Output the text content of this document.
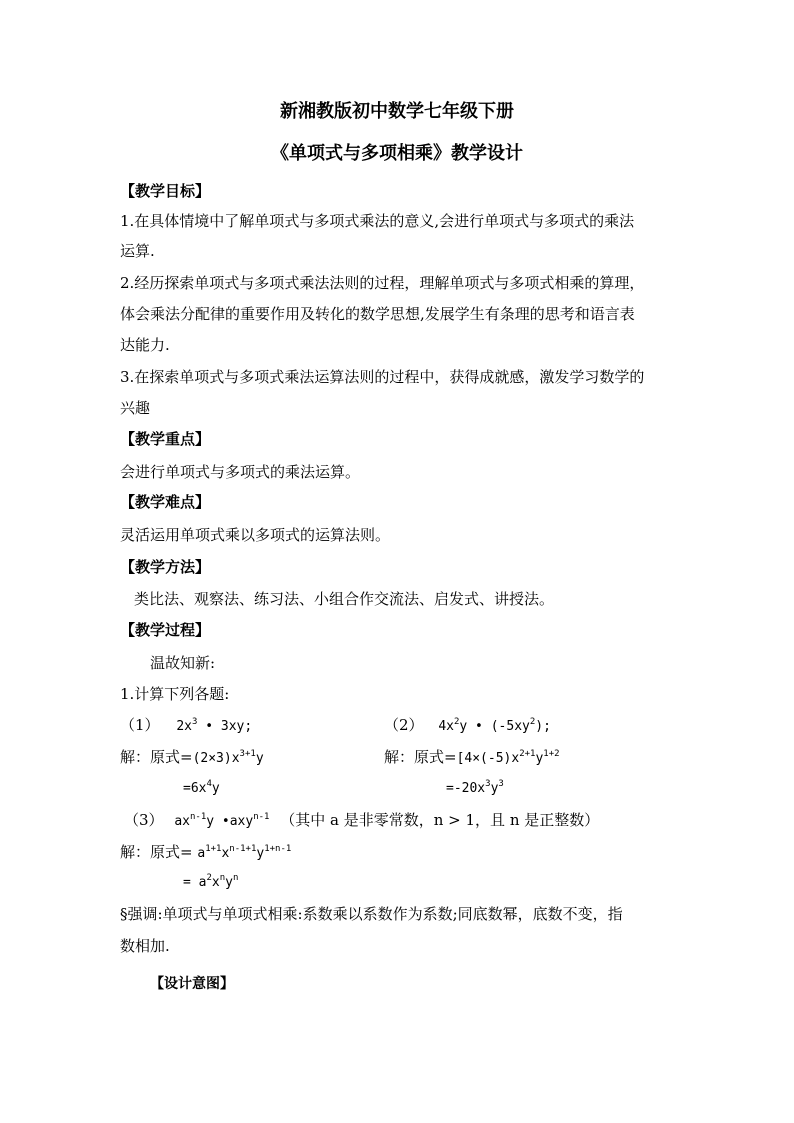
新湘教版初中数学七年级下册
《单项式与多项相乘》教学设计
【教学目标】
1.在具体情境中了解单项式与多项式乘法的意义,会进行单项式与多项式的乘法
运算.
2.经历探索单项式与多项式乘法法则的过程，理解单项式与多项式相乘的算理，
体会乘法分配律的重要作用及转化的数学思想,发展学生有条理的思考和语言表
达能力.
3.在探索单项式与多项式乘法运算法则的过程中，获得成就感，激发学习数学的
兴趣
【教学重点】
会进行单项式与多项式的乘法运算。
【教学难点】
灵活运用单项式乘以多项式的运算法则。
【教学方法】
类比法、观察法、练习法、小组合作交流法、启发式、讲授法。
【教学过程】
温故知新:
1.计算下列各题:
（1） $2x^3$ • 3xy;	（2） $4x^2y$ • $(-5xy^2)$;
解：原式$=(2\times 3)x^{3+1}y$	解：原式$=[4\times(-5)x^{2+1}y^{1+2}$
$=6x^4y$	$=-20x^3y^3$
（3） $ax^{n-1}y$ •axy$^{n-1}$ （其中 a 是非零常数，n > 1，且 n 是正整数）
解：原式= $a^{1+1}x^{n-1+1}y^{1+n-1}$
= $a^2x^ny^n$
§强调:单项式与单项式相乘:系数乘以系数作为系数;同底数幂，底数不变，指
数相加.
【设计意图】
